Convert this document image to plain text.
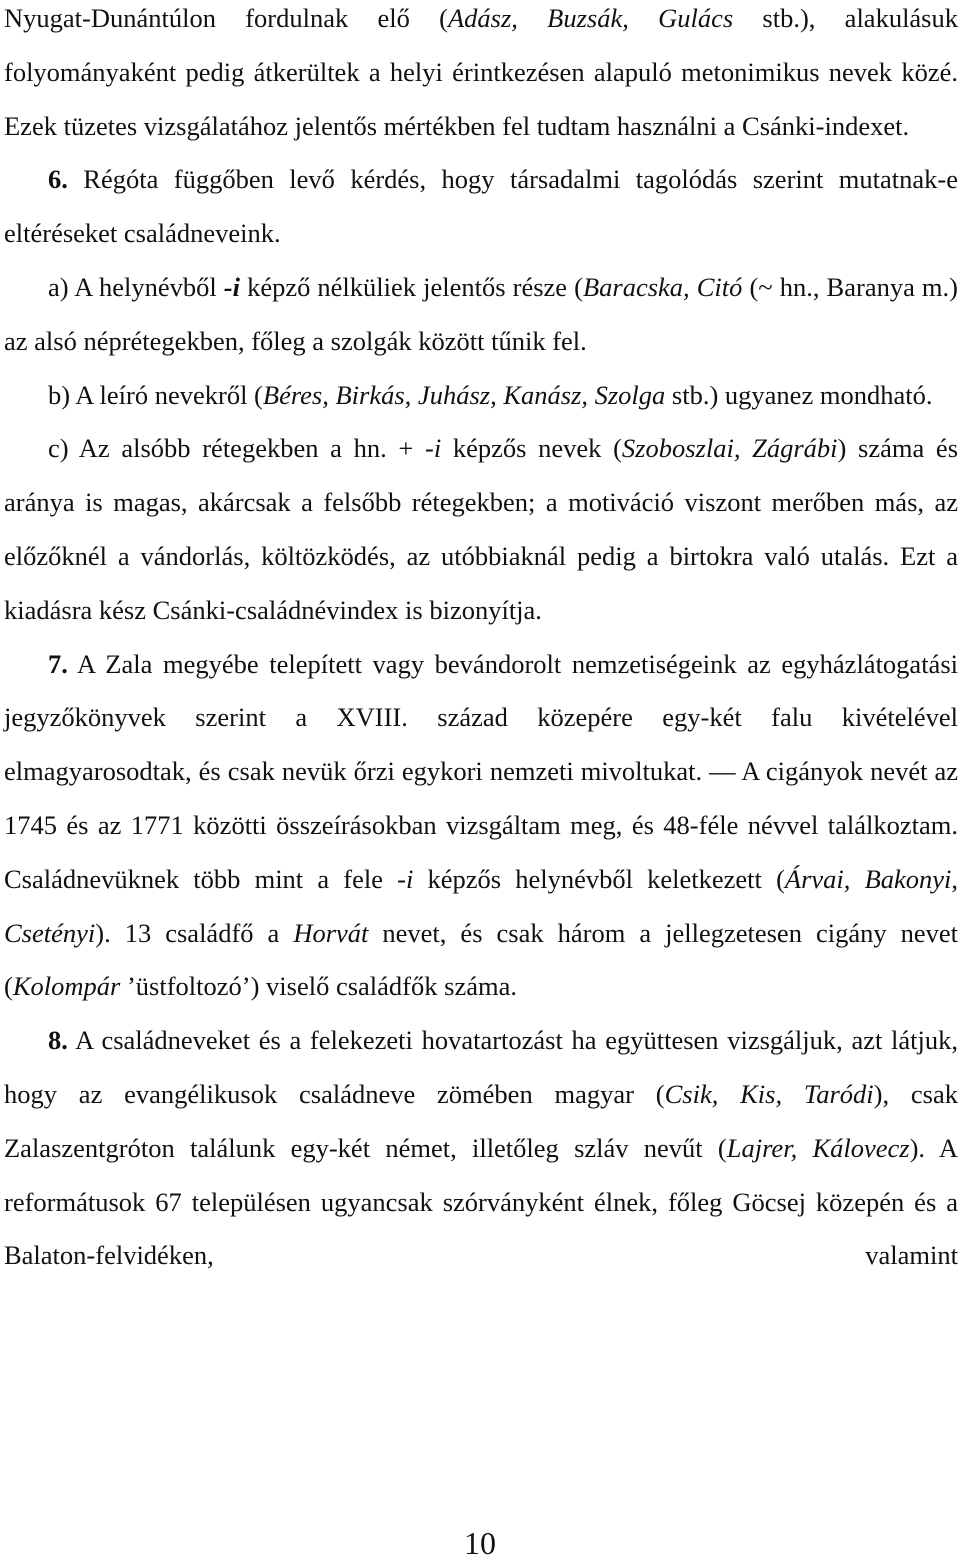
Nyugat-Dunántúlon fordulnak elő (Adász, Buzsák, Gulács stb.), alakulásuk folyományaként pedig átkerültek a helyi érintkezésen alapuló metonimikus nevek közé. Ezek tüzetes vizsgálatához jelentős mértékben fel tudtam használni a Csánki-indexet.

6. Régóta függőben levő kérdés, hogy társadalmi tagolódás szerint mutatnak-e eltéréseket családneveink.

a) A helynévből -i képző nélküliek jelentős része (Baracska, Citó (~ hn., Baranya m.) az alsó néprétegekben, főleg a szolgák között tűnik fel.

b) A leíró nevekről (Béres, Birkás, Juhász, Kanász, Szolga stb.) ugyanez mondható.

c) Az alsóbb rétegekben a hn. + -i képzős nevek (Szoboszlai, Zágrábi) száma és aránya is magas, akárcsak a felsőbb rétegekben; a motiváció viszont merőben más, az előzőknél a vándorlás, költözködés, az utóbbiaknál pedig a birtokra való utalás. Ezt a kiadásra kész Csánki-családnévindex is bizonyítja.

7. A Zala megyébe telepített vagy bevándorolt nemzetiségeink az egyházlátogatási jegyzőkönyvek szerint a XVIII. század közepére egy-két falu kivételével elmagyarosodtak, és csak nevük őrzi egykori nemzeti mivoltukat. — A cigányok nevét az 1745 és az 1771 közötti összeírásokban vizsgáltam meg, és 48-féle névvel találkoztam. Családnevüknek több mint a fele -i képzős helynévből keletkezett (Árvai, Bakonyi, Csetényi). 13 családfő a Horvát nevet, és csak három a jellegzetesen cigány nevet (Kolompár ’üstfoltozó’) viselő családfők száma.

8. A családneveket és a felekezeti hovatartozást ha együttesen vizsgáljuk, azt látjuk, hogy az evangélikusok családneve zömében magyar (Csik, Kis, Taródi), csak Zalaszentgróton találunk egy-két német, illetőleg szláv nevűt (Lajrer, Kálovecz). A reformátusok 67 településen ugyancsak szórványként élnek, főleg Göcsej közepén és a Balaton-felvidéken, valamint

10
